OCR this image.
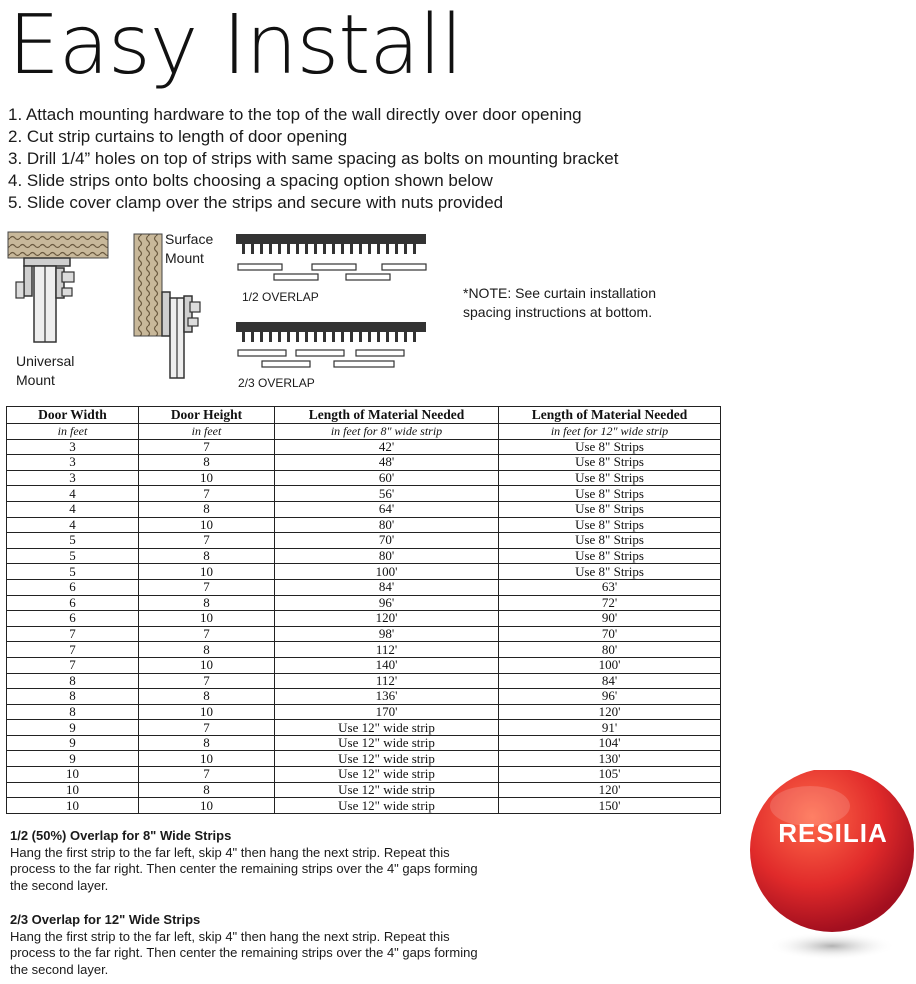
Easy Install
1. Attach mounting hardware to the top of the wall directly over door opening
2. Cut strip curtains to length of door opening
3. Drill 1/4” holes on top of strips with same spacing as bolts on mounting bracket
4. Slide strips onto bolts choosing a spacing option shown below
5. Slide cover clamp over the strips and secure with nuts provided
Surface
Mount
Universal
Mount
1/2 OVERLAP
2/3 OVERLAP
*NOTE: See curtain installation
spacing instructions at bottom.
Door Width	Door Height	Length of Material Needed	Length of Material Needed
in feet	in feet	in feet for 8" wide strip	in feet for 12" wide strip
3	7	42'	Use 8" Strips
3	8	48'	Use 8" Strips
3	10	60'	Use 8" Strips
4	7	56'	Use 8" Strips
4	8	64'	Use 8" Strips
4	10	80'	Use 8" Strips
5	7	70'	Use 8" Strips
5	8	80'	Use 8" Strips
5	10	100'	Use 8" Strips
6	7	84'	63'
6	8	96'	72'
6	10	120'	90'
7	7	98'	70'
7	8	112'	80'
7	10	140'	100'
8	7	112'	84'
8	8	136'	96'
8	10	170'	120'
9	7	Use 12" wide strip	91'
9	8	Use 12" wide strip	104'
9	10	Use 12" wide strip	130'
10	7	Use 12" wide strip	105'
10	8	Use 12" wide strip	120'
10	10	Use 12" wide strip	150'
1/2 (50%) Overlap for 8" Wide Strips

Hang the first strip to the far left, skip 4" then hang the next strip. Repeat this

process to the far right. Then center the remaining strips over the 4" gaps forming

the second layer.

2/3 Overlap for 12" Wide Strips

Hang the first strip to the far left, skip 4" then hang the next strip. Repeat this

process to the far right. Then center the remaining strips over the 4" gaps forming

the second layer.

RESILIA
